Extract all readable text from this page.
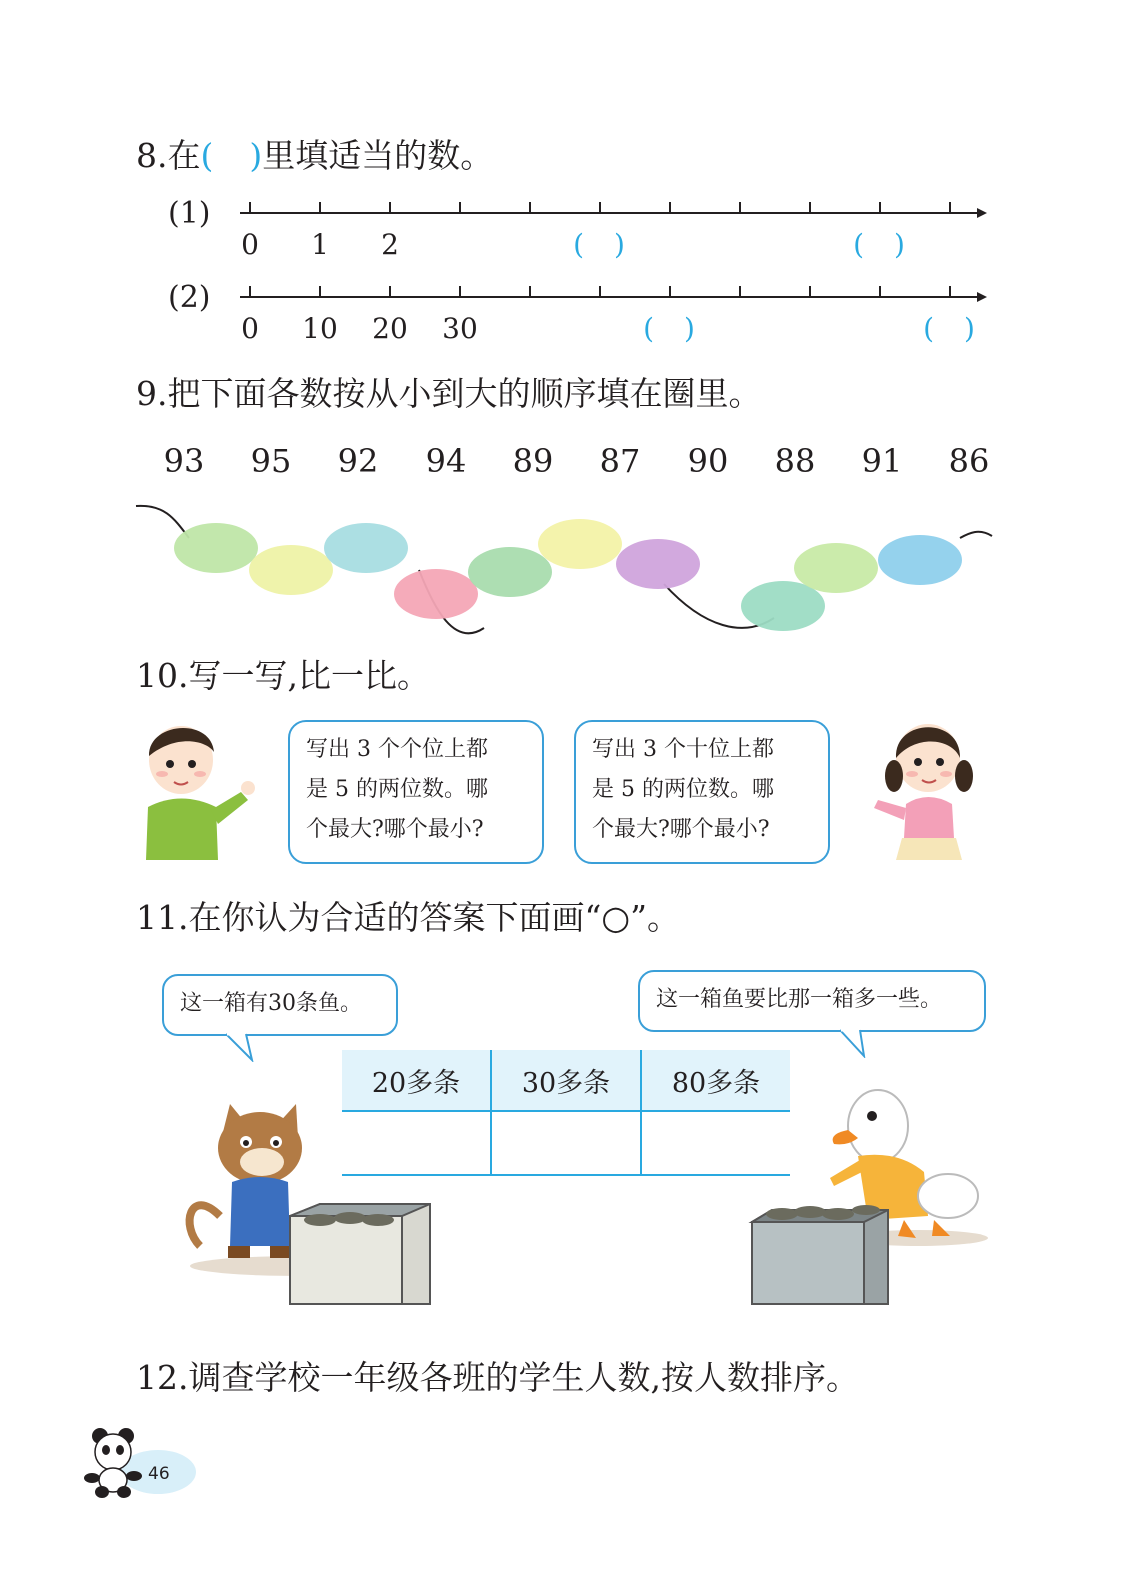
8.在( )里填适当的数。
(1)
0 1 2	()	()
(2)
0 10 20 30	()	()
9.把下面各数按从小到大的顺序填在圈里。
93 95 92 94 89 87 90 88 91 86
10.写一写,比一比。
写出 3 个个位上都
是 5 的两位数。哪
个最大?哪个最小?
写出 3 个十位上都
是 5 的两位数。哪
个最大?哪个最小?
11.在你认为合适的答案下面画“○”。
这一箱有30条鱼。	这一箱鱼要比那一箱多一些。
20多条	30多条	80多条

12.调查学校一年级各班的学生人数,按人数排序。
46
